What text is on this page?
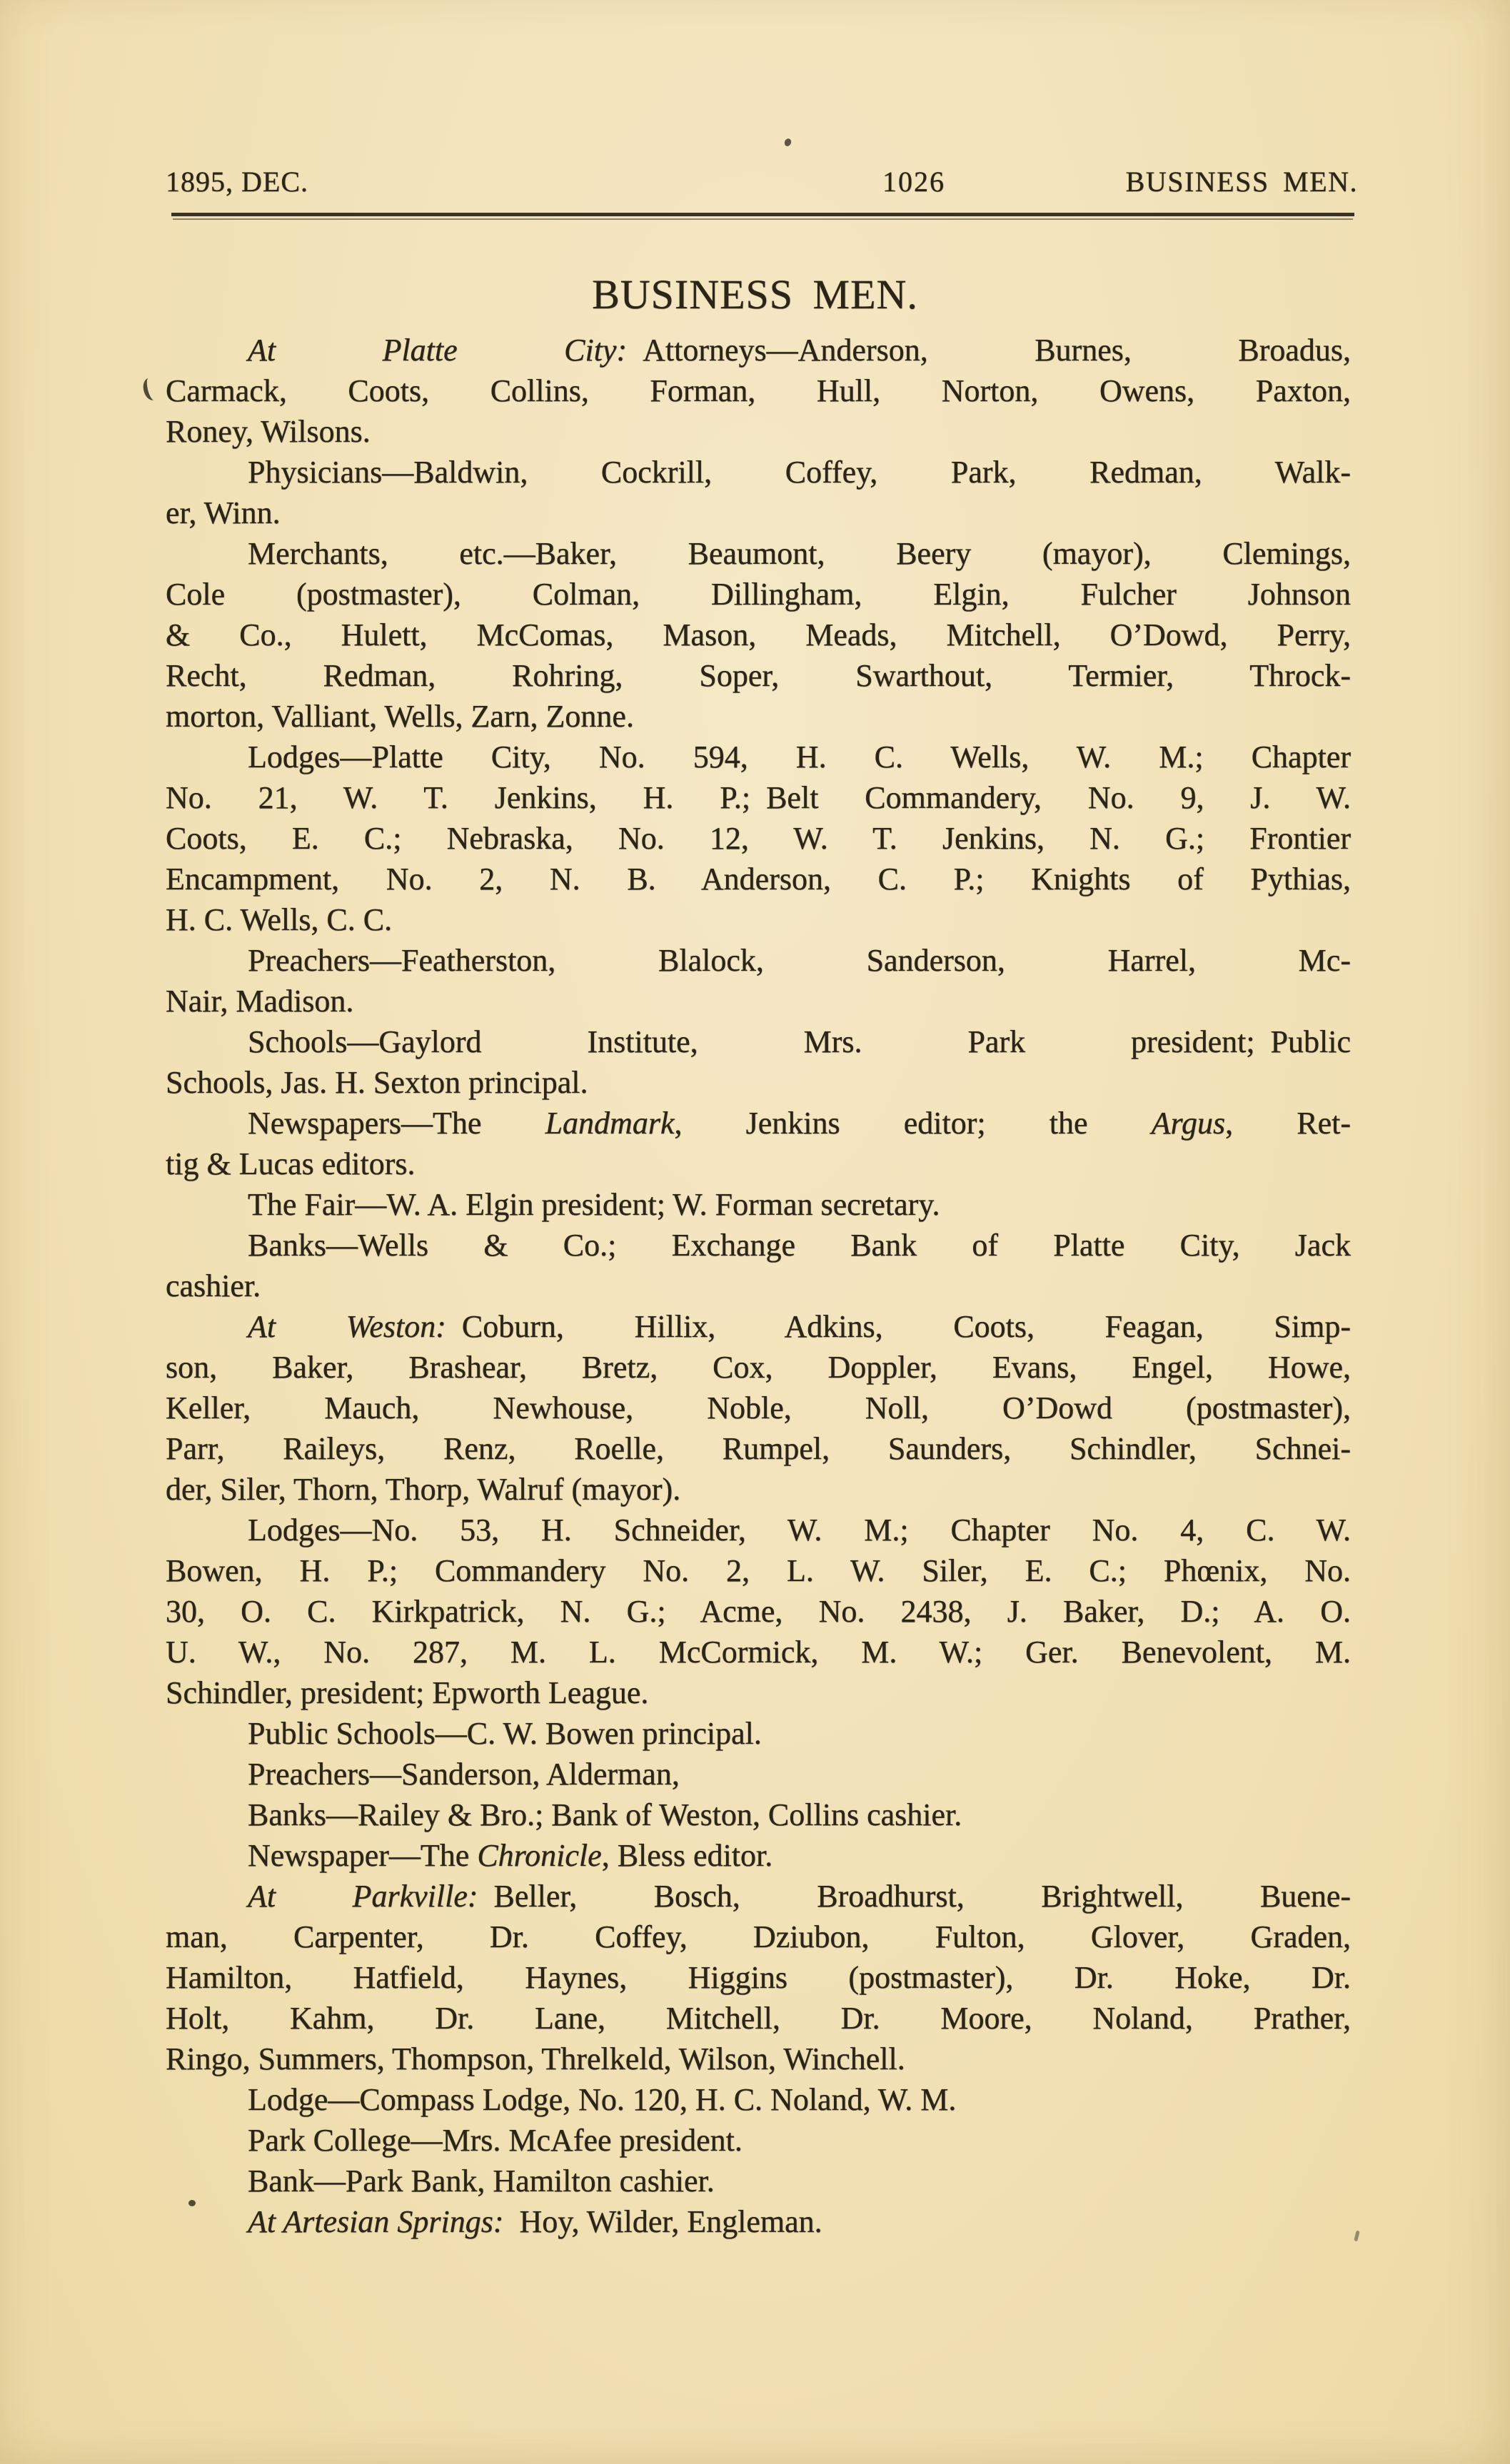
1895, DEC.	1026	BUSINESS MEN.
BUSINESS MEN.
At Platte City: Attorneys—Anderson, Burnes, Broadus,
Carmack, Coots, Collins, Forman, Hull, Norton, Owens, Paxton,
Roney, Wilsons.
Physicians—Baldwin, Cockrill, Coffey, Park, Redman, Walk-
er, Winn.
Merchants, etc.—Baker, Beaumont, Beery (mayor), Clemings,
Cole (postmaster), Colman, Dillingham, Elgin, Fulcher Johnson
& Co., Hulett, McComas, Mason, Meads, Mitchell, O’Dowd, Perry,
Recht, Redman, Rohring, Soper, Swarthout, Termier, Throck-
morton, Valliant, Wells, Zarn, Zonne.
Lodges—Platte City, No. 594, H. C. Wells, W. M.; Chapter
No. 21, W. T. Jenkins, H. P.; Belt Commandery, No. 9, J. W.
Coots, E. C.; Nebraska, No. 12, W. T. Jenkins, N. G.; Frontier
Encampment, No. 2, N. B. Anderson, C. P.; Knights of Pythias,
H. C. Wells, C. C.
Preachers—Featherston, Blalock, Sanderson, Harrel, Mc-
Nair, Madison.
Schools—Gaylord Institute, Mrs. Park president; Public
Schools, Jas. H. Sexton principal.
Newspapers—The Landmark, Jenkins editor; the Argus, Ret-
tig & Lucas editors.
The Fair—W. A. Elgin president; W. Forman secretary.
Banks—Wells & Co.; Exchange Bank of Platte City, Jack
cashier.
At Weston: Coburn, Hillix, Adkins, Coots, Feagan, Simp-
son, Baker, Brashear, Bretz, Cox, Doppler, Evans, Engel, Howe,
Keller, Mauch, Newhouse, Noble, Noll, O’Dowd (postmaster),
Parr, Raileys, Renz, Roelle, Rumpel, Saunders, Schindler, Schnei-
der, Siler, Thorn, Thorp, Walruf (mayor).
Lodges—No. 53, H. Schneider, W. M.; Chapter No. 4, C. W.
Bowen, H. P.; Commandery No. 2, L. W. Siler, E. C.; Phœnix, No.
30, O. C. Kirkpatrick, N. G.; Acme, No. 2438, J. Baker, D.; A. O.
U. W., No. 287, M. L. McCormick, M. W.; Ger. Benevolent, M.
Schindler, president; Epworth League.
Public Schools—C. W. Bowen principal.
Preachers—Sanderson, Alderman,
Banks—Railey & Bro.; Bank of Weston, Collins cashier.
Newspaper—The Chronicle, Bless editor.
At Parkville: Beller, Bosch, Broadhurst, Brightwell, Buene-
man, Carpenter, Dr. Coffey, Dziubon, Fulton, Glover, Graden,
Hamilton, Hatfield, Haynes, Higgins (postmaster), Dr. Hoke, Dr.
Holt, Kahm, Dr. Lane, Mitchell, Dr. Moore, Noland, Prather,
Ringo, Summers, Thompson, Threlkeld, Wilson, Winchell.
Lodge—Compass Lodge, No. 120, H. C. Noland, W. M.
Park College—Mrs. McAfee president.
Bank—Park Bank, Hamilton cashier.
At Artesian Springs: Hoy, Wilder, Engleman.
